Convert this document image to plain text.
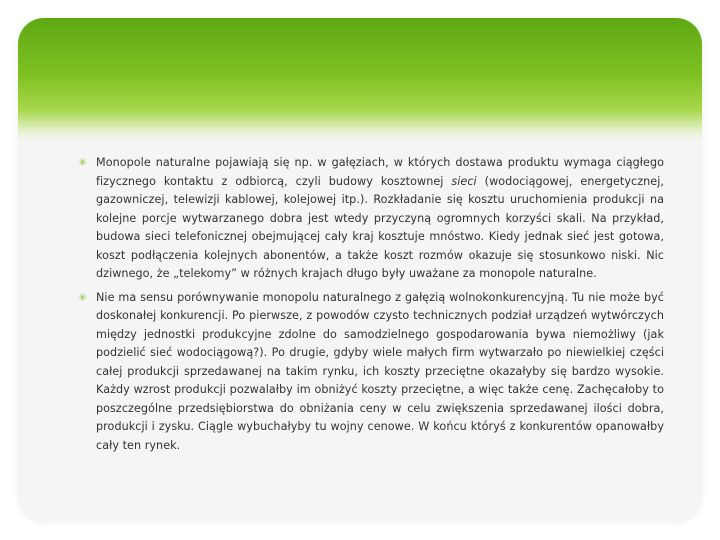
✳ Monopole naturalne pojawiają się np. w gałęziach, w których dostawa produktu wymaga ciągłego fizycznego kontaktu z odbiorcą, czyli budowy kosztownej sieci (wodociągowej, energetycznej, gazowniczej, telewizji kablowej, kolejowej itp.). Rozkładanie się kosztu uruchomienia produkcji na kolejne porcje wytwarzanego dobra jest wtedy przyczyną ogromnych korzyści skali. Na przykład, budowa sieci telefonicznej obejmującej cały kraj kosztuje mnóstwo. Kiedy jednak sieć jest gotowa, koszt podłączenia kolejnych abonentów, a także koszt rozmów okazuje się stosunkowo niski. Nic dziwnego, że „telekomy” w różnych krajach długo były uważane za monopole naturalne.

✳ Nie ma sensu porównywanie monopolu naturalnego z gałęzią wolnokonkurencyjną. Tu nie może być doskonałej konkurencji. Po pierwsze, z powodów czysto technicznych podział urządzeń wytwórczych między jednostki produkcyjne zdolne do samodzielnego gospodarowania bywa niemożliwy (jak podzielić sieć wodociągową?). Po drugie, gdyby wiele małych firm wytwarzało po niewielkiej części całej produkcji sprzedawanej na takim rynku, ich koszty przeciętne okazałyby się bardzo wysokie. Każdy wzrost produkcji pozwalałby im obniżyć koszty przeciętne, a więc także cenę. Zachęcałoby to poszczególne przedsiębiorstwa do obniżania ceny w celu zwiększenia sprzedawanej ilości dobra, produkcji i zysku. Ciągle wybuchałyby tu wojny cenowe. W końcu któryś z konkurentów opanowałby cały ten rynek.
